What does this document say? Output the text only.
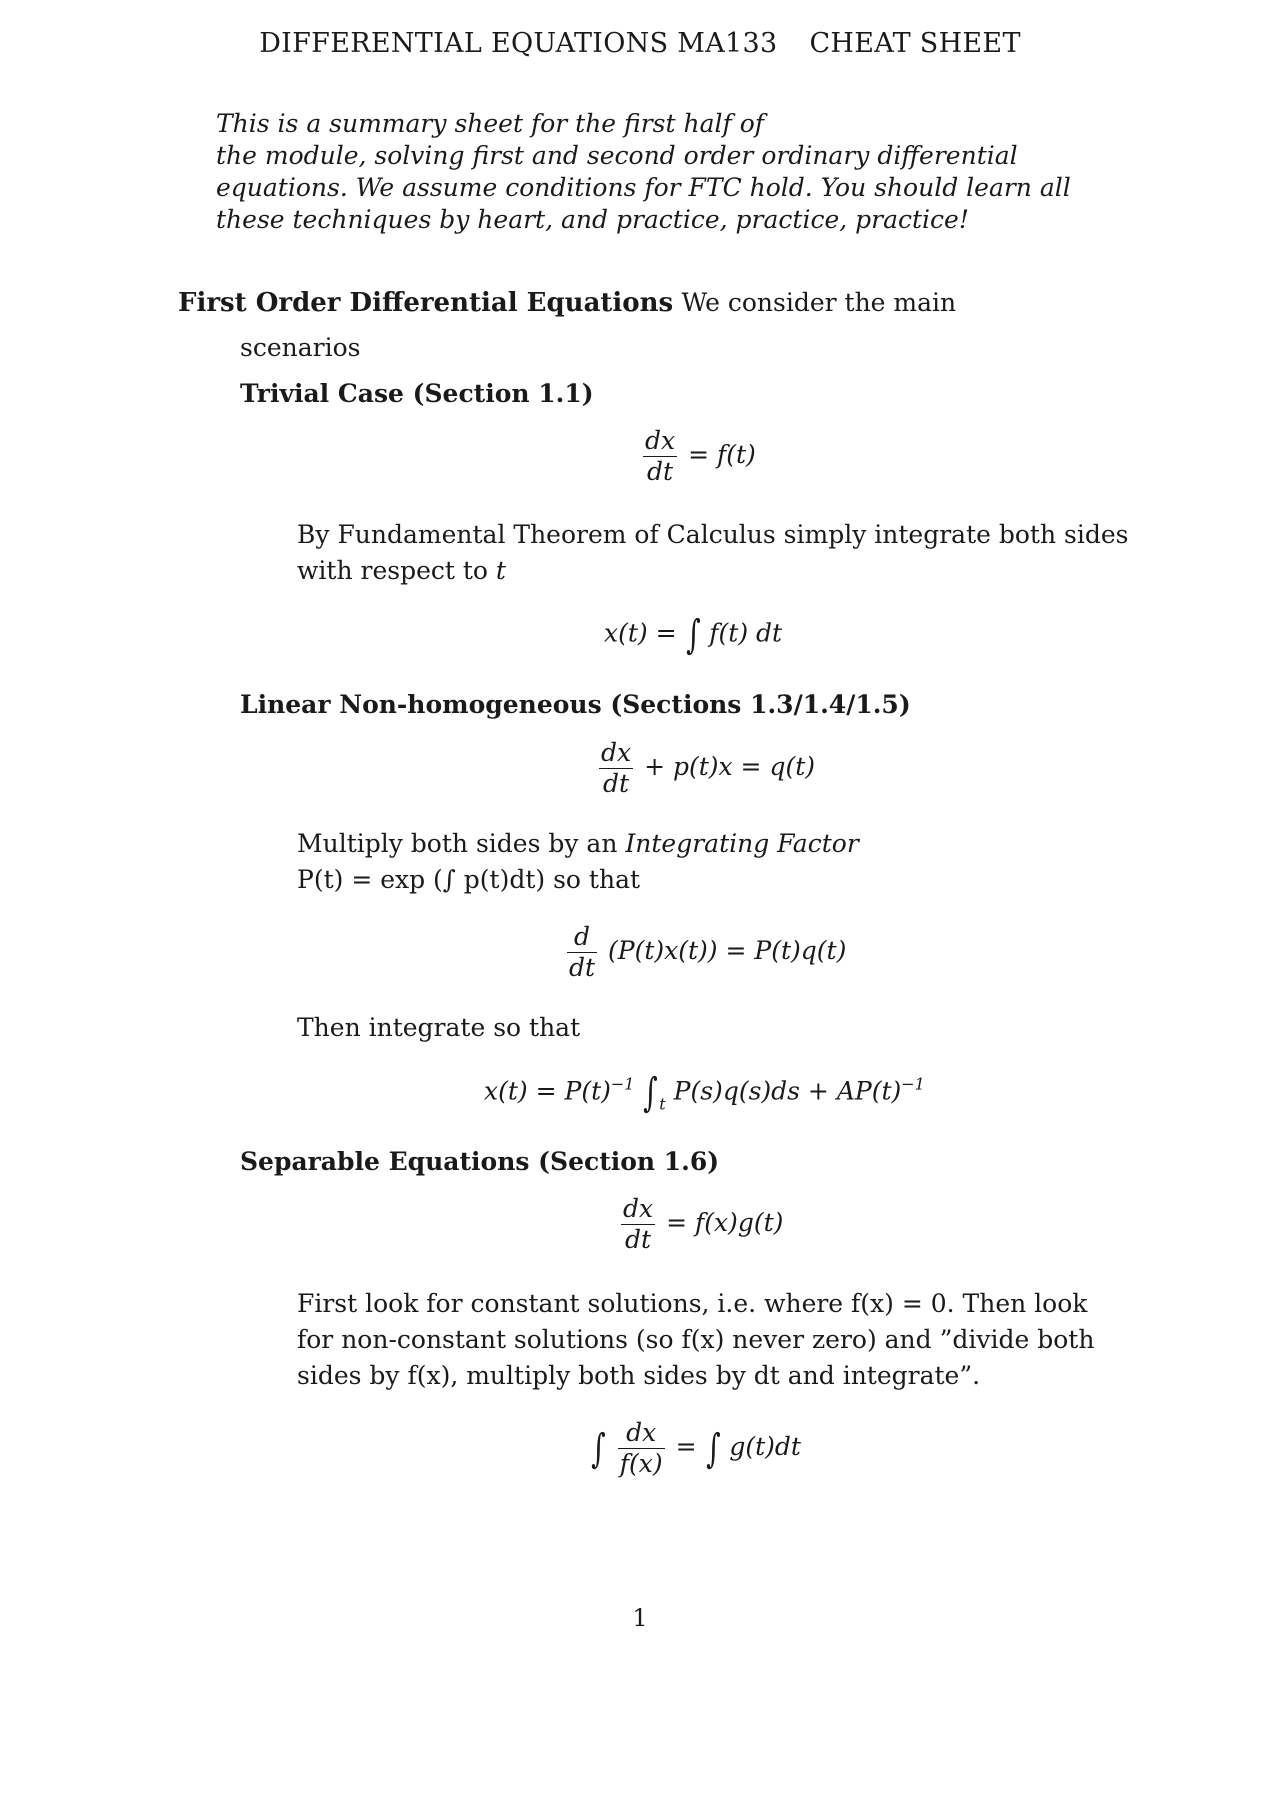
DIFFERENTIAL EQUATIONS MA133 CHEAT SHEET
This is a summary sheet for the first half of
the module, solving first and second order ordinary differential
equations. We assume conditions for FTC hold. You should learn all
these techniques by heart, and practice, practice, practice!
First Order Differential Equations We consider the main
scenarios
Trivial Case (Section 1.1)
$\frac{dx}{dt} = f(t)$
By Fundamental Theorem of Calculus simply integrate both sides
with respect to t
x(t) = ∫ f(t) dt
Linear Non-homogeneous (Sections 1.3/1.4/1.5)
$\frac{dx}{dt} + p(t)x = q(t)$
Multiply both sides by an Integrating Factor
P(t) = exp (∫ p(t)dt) so that
$\frac{d}{dt} (P(t)x(t)) = P(t)q(t)$
Then integrate so that
$x(t) = P(t)^{-1}$ $\int_t$ $P(s)q(s)ds + AP(t)^{-1}$
Separable Equations (Section 1.6)
$\frac{dx}{dt} = f(x)g(t)$
First look for constant solutions, i.e. where f(x) = 0. Then look
for non-constant solutions (so f(x) never zero) and ”divide both
sides by f(x), multiply both sides by dt and integrate”.
∫ $\frac{dx}{f(x)}$ = ∫ g(t)dt
1
